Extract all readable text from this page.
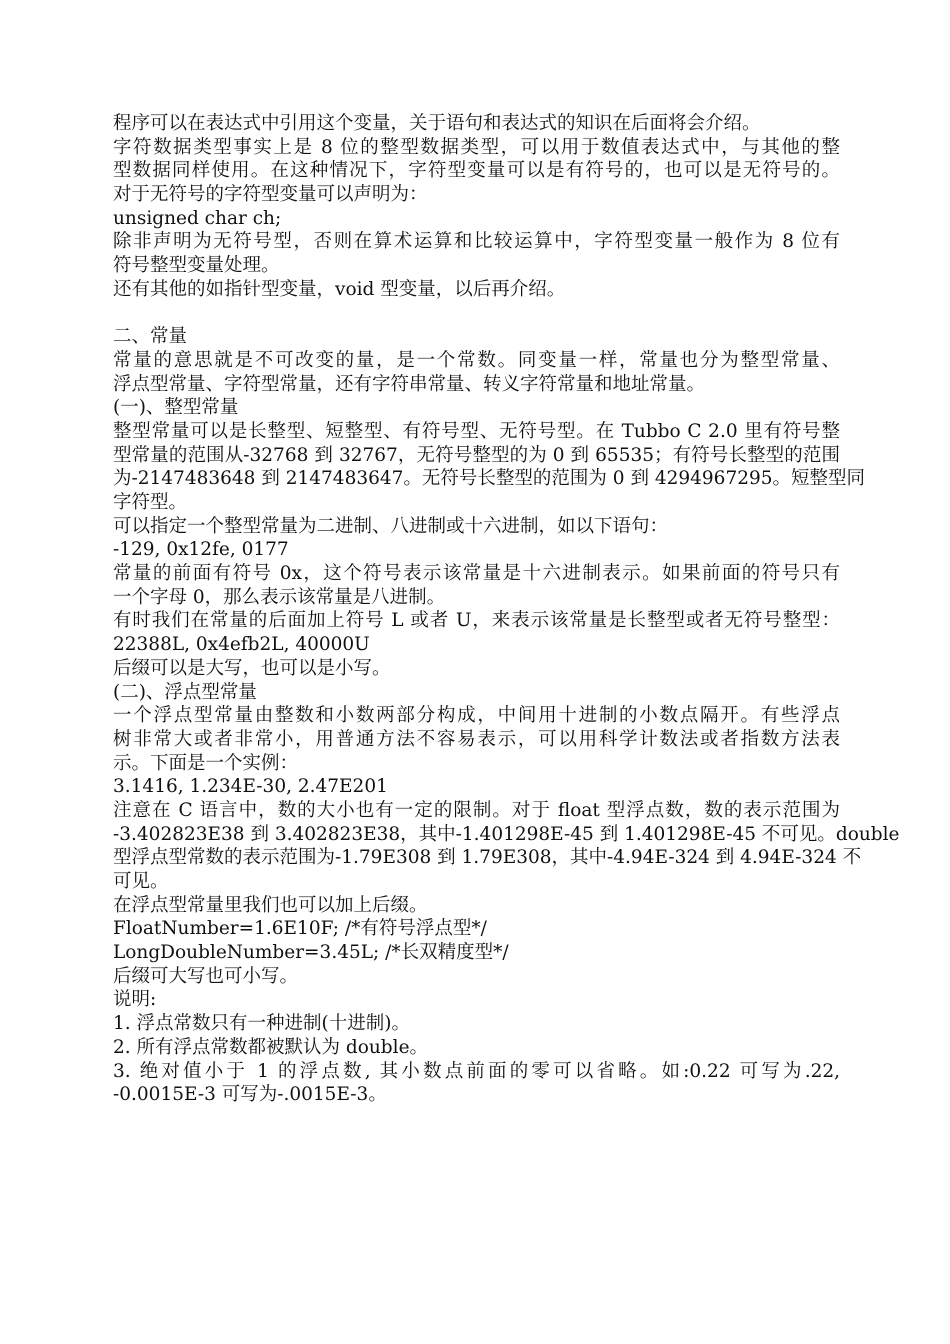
程序可以在表达式中引用这个变量，关于语句和表达式的知识在后面将会介绍。
字符数据类型事实上是 8 位的整型数据类型，可以用于数值表达式中，与其他的整
型数据同样使用。在这种情况下，字符型变量可以是有符号的，也可以是无符号的。
对于无符号的字符型变量可以声明为：
unsigned char ch;
除非声明为无符号型，否则在算术运算和比较运算中，字符型变量一般作为 8 位有
符号整型变量处理。
还有其他的如指针型变量，void 型变量，以后再介绍。
二、常量
常量的意思就是不可改变的量，是一个常数。同变量一样，常量也分为整型常量、
浮点型常量、字符型常量，还有字符串常量、转义字符常量和地址常量。
(一)、整型常量
整型常量可以是长整型、短整型、有符号型、无符号型。在 Tubbo C 2.0 里有符号整
型常量的范围从-32768 到 32767，无符号整型的为 0 到 65535；有符号长整型的范围
为-2147483648 到 2147483647。无符号长整型的范围为 0 到 4294967295。短整型同
字符型。
可以指定一个整型常量为二进制、八进制或十六进制，如以下语句：
-129, 0x12fe, 0177
常量的前面有符号 0x，这个符号表示该常量是十六进制表示。如果前面的符号只有
一个字母 0，那么表示该常量是八进制。
有时我们在常量的后面加上符号 L 或者 U，来表示该常量是长整型或者无符号整型：
22388L, 0x4efb2L, 40000U
后缀可以是大写，也可以是小写。
(二)、浮点型常量
一个浮点型常量由整数和小数两部分构成，中间用十进制的小数点隔开。有些浮点
树非常大或者非常小，用普通方法不容易表示，可以用科学计数法或者指数方法表
示。下面是一个实例：
3.1416, 1.234E-30, 2.47E201
注意在 C 语言中，数的大小也有一定的限制。对于 float 型浮点数，数的表示范围为
-3.402823E38 到 3.402823E38，其中-1.401298E-45 到 1.401298E-45 不可见。double
型浮点型常数的表示范围为-1.79E308 到 1.79E308，其中-4.94E-324 到 4.94E-324 不
可见。
在浮点型常量里我们也可以加上后缀。
FloatNumber=1.6E10F; /*有符号浮点型*/
LongDoubleNumber=3.45L; /*长双精度型*/
后缀可大写也可小写。
说明:
1. 浮点常数只有一种进制(十进制)。
2. 所有浮点常数都被默认为 double。
3. 绝对值小于 1 的浮点数, 其小数点前面的零可以省略。如:0.22 可写为.22,
-0.0015E-3 可写为-.0015E-3。
